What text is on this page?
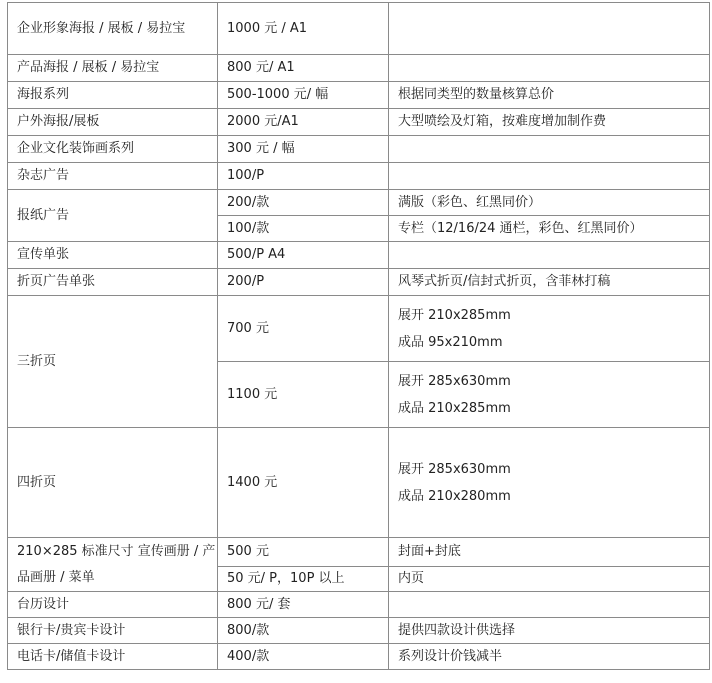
企业形象海报 / 展板 / 易拉宝	1000 元 / A1	
产品海报 / 展板 / 易拉宝	800 元/ A1	
海报系列	500-1000 元/ 幅	根据同类型的数量核算总价
户外海报/展板	2000 元/A1	大型喷绘及灯箱，按难度增加制作费
企业文化装饰画系列	300 元 / 幅	
杂志广告	100/P	
报纸广告	200/款	满版（彩色、红黑同价）
	100/款	专栏（12/16/24 通栏，彩色、红黑同价）
宣传单张	500/P A4	
折页广告单张	200/P	风琴式折页/信封式折页，含菲林打稿
三折页	700 元	展开 210x285mm
成品 95x210mm

	1100 元	展开 285x630mm
成品 210x285mm

四折页	1400 元	展开 285x630mm
成品 210x280mm

210×285 标准尺寸 宣传画册 / 产品画册 / 菜单	500 元	封面+封底
	50 元/ P，10P 以上	内页
台历设计	800 元/ 套	
银行卡/贵宾卡设计	800/款	提供四款设计供选择
电话卡/储值卡设计	400/款	系列设计价钱减半
